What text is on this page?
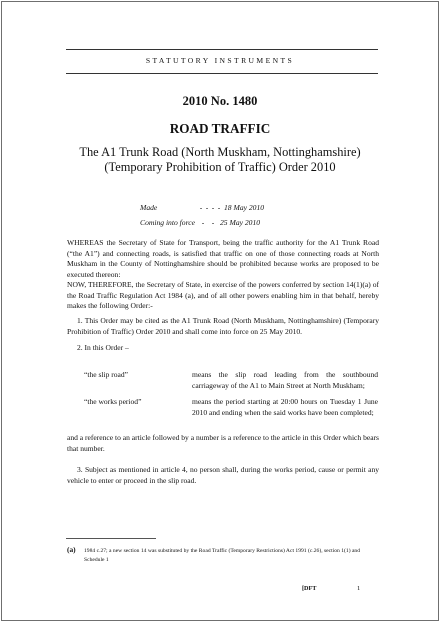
STATUTORY INSTRUMENTS
2010 No. 1480
ROAD TRAFFIC
The A1 Trunk Road (North Muskham, Nottinghamshire)
(Temporary Prohibition of Traffic) Order 2010
Made	- - - - 18 May 2010
Coming into force - - 25 May 2010
WHEREAS the Secretary of State for Transport, being the traffic authority for the A1 Trunk Road (“the A1”) and connecting roads, is satisfied that traffic on one of those connecting roads at North Muskham in the County of Nottinghamshire should be prohibited because works are proposed to be executed thereon:
NOW, THEREFORE, the Secretary of State, in exercise of the powers conferred by section 14(1)(a) of the Road Traffic Regulation Act 1984 (a), and of all other powers enabling him in that behalf, hereby makes the following Order:-
1. This Order may be cited as the A1 Trunk Road (North Muskham, Nottinghamshire) (Temporary Prohibition of Traffic) Order 2010 and shall come into force on 25 May 2010.
2. In this Order –
“the slip road”	means the slip road leading from the southbound carriageway of the A1 to Main Street at North Muskham;
“the works period”	means the period starting at 20:00 hours on Tuesday 1 June 2010 and ending when the said works have been completed;
and a reference to an article followed by a number is a reference to the article in this Order which bears that number.
3. Subject as mentioned in article 4, no person shall, during the works period, cause or permit any vehicle to enter or proceed in the slip road.
(a) 1984 c.27; a new section 14 was substituted by the Road Traffic (Temporary Restrictions) Act 1991 (c.26), section 1(1) and Schedule 1
[DFT	1
